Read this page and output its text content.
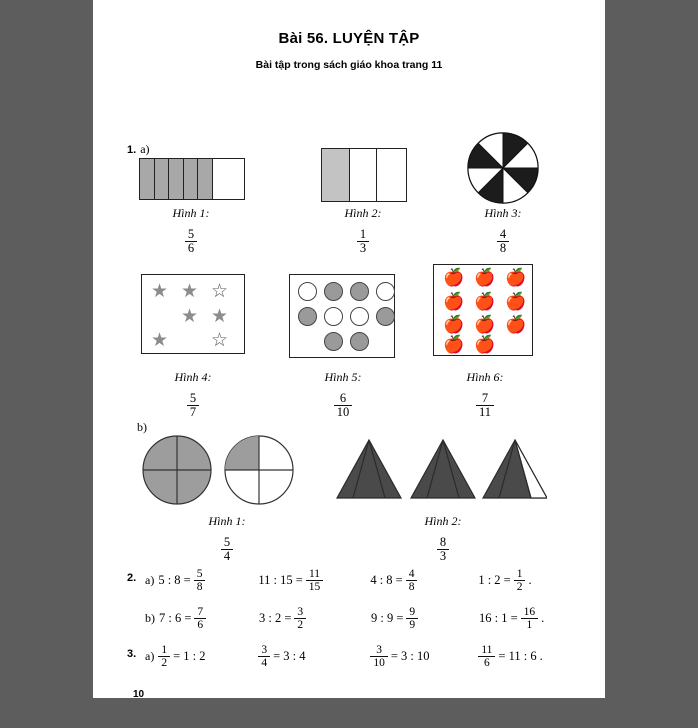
Bài 56. LUYỆN TẬP
Bài tập trong sách giáo khoa trang 11
1. a)
Hình 1:
$\frac{5}{6}$
Hình 2:
$\frac{1}{3}$
Hình 3:
$\frac{4}{8}$
★ ★ ☆
★ ★
★ ☆
Hình 4:
$\frac{5}{7}$
Hình 5:
$\frac{6}{10}$
🍎 🍎 🍎
🍎 🍎 🍎
🍎 🍎 🍎
🍎 🍎
Hình 6:
$\frac{7}{11}$
b)
Hình 1:
$\frac{5}{4}$
Hình 2:
$\frac{8}{3}$
2. a) 5 : $8 = \frac{5}{8}$	11 : $15 = \frac{11}{15}$	4 : $8 = \frac{4}{8}$	1 : $2 = \frac{1}{2}$ .
b) 7 : $6 = \frac{7}{6}$	3 : $2 = \frac{3}{2}$	9 : $9 = \frac{9}{9}$	16 : $1 = \frac{16}{1}$ .
3. $a) \frac{1}{2} = 1$ : 2	$\frac{3}{4} = 3$ : 4	$\frac{3}{10} = 3$ : 10	$\frac{11}{6} = 11$ : 6 .
10
